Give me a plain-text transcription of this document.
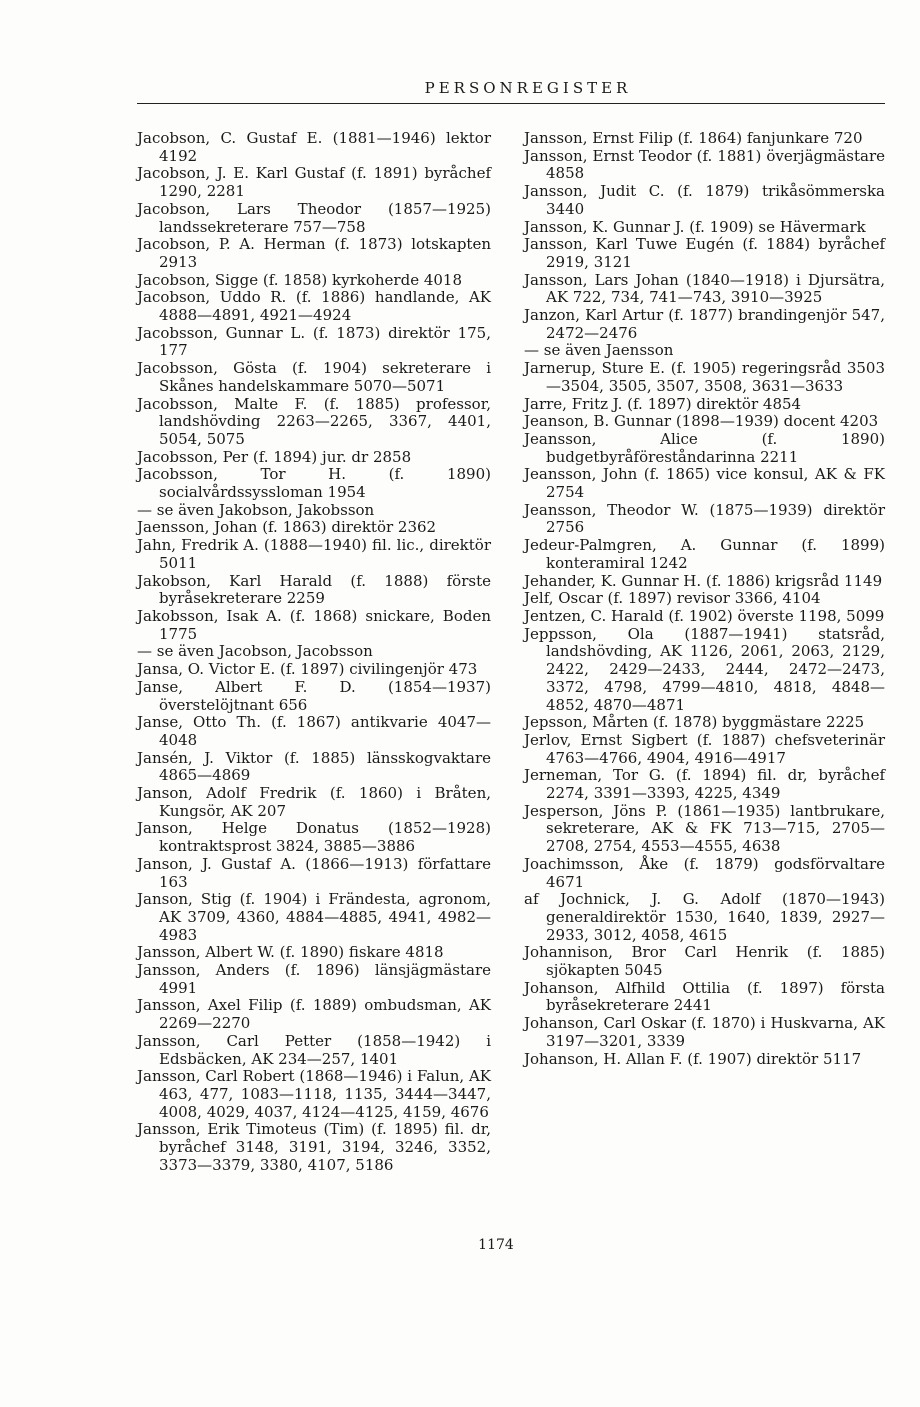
PERSONREGISTER

Jacobson, C. Gustaf E. (1881—1946) lektor 4192

Jacobson, J. E. Karl Gustaf (f. 1891) byråchef 1290, 2281

Jacobson, Lars Theodor (1857—1925) landssekreterare 757—758

Jacobson, P. A. Herman (f. 1873) lotskapten 2913

Jacobson, Sigge (f. 1858) kyrkoherde 4018

Jacobson, Uddo R. (f. 1886) handlande, AK 4888—4891, 4921—4924

Jacobsson, Gunnar L. (f. 1873) direktör 175, 177

Jacobsson, Gösta (f. 1904) sekreterare i Skånes handelskammare 5070—5071

Jacobsson, Malte F. (f. 1885) professor, landshövding 2263—2265, 3367, 4401, 5054, 5075

Jacobsson, Per (f. 1894) jur. dr 2858

Jacobsson, Tor H. (f. 1890) socialvårdssyssloman 1954

— se även Jakobson, Jakobsson

Jaensson, Johan (f. 1863) direktör 2362

Jahn, Fredrik A. (1888—1940) fil. lic., direktör 5011

Jakobson, Karl Harald (f. 1888) förste byråsekreterare 2259

Jakobsson, Isak A. (f. 1868) snickare, Boden 1775

— se även Jacobson, Jacobsson

Jansa, O. Victor E. (f. 1897) civilingenjör 473

Janse, Albert F. D. (1854—1937) överstelöjtnant 656

Janse, Otto Th. (f. 1867) antikvarie 4047—4048

Jansén, J. Viktor (f. 1885) länsskogvaktare 4865—4869

Janson, Adolf Fredrik (f. 1860) i Bråten, Kungsör, AK 207

Janson, Helge Donatus (1852—1928) kontraktsprost 3824, 3885—3886

Janson, J. Gustaf A. (1866—1913) författare 163

Janson, Stig (f. 1904) i Frändesta, agronom, AK 3709, 4360, 4884—4885, 4941, 4982—4983

Jansson, Albert W. (f. 1890) fiskare 4818

Jansson, Anders (f. 1896) länsjägmästare 4991

Jansson, Axel Filip (f. 1889) ombudsman, AK 2269—2270

Jansson, Carl Petter (1858—1942) i Edsbäcken, AK 234—257, 1401

Jansson, Carl Robert (1868—1946) i Falun, AK 463, 477, 1083—1118, 1135, 3444—3447, 4008, 4029, 4037, 4124—4125, 4159, 4676

Jansson, Erik Timoteus (Tim) (f. 1895) fil. dr, byråchef 3148, 3191, 3194, 3246, 3352, 3373—3379, 3380, 4107, 5186

Jansson, Ernst Filip (f. 1864) fanjunkare 720

Jansson, Ernst Teodor (f. 1881) överjägmästare 4858

Jansson, Judit C. (f. 1879) trikåsömmerska 3440

Jansson, K. Gunnar J. (f. 1909) se Hävermark

Jansson, Karl Tuwe Eugén (f. 1884) byråchef 2919, 3121

Jansson, Lars Johan (1840—1918) i Djursätra, AK 722, 734, 741—743, 3910—3925

Janzon, Karl Artur (f. 1877) brandingenjör 547, 2472—2476

— se även Jaensson

Jarnerup, Sture E. (f. 1905) regeringsråd 3503—3504, 3505, 3507, 3508, 3631—3633

Jarre, Fritz J. (f. 1897) direktör 4854

Jeanson, B. Gunnar (1898—1939) docent 4203

Jeansson, Alice (f. 1890) budgetbyråföreståndarinna 2211

Jeansson, John (f. 1865) vice konsul, AK & FK 2754

Jeansson, Theodor W. (1875—1939) direktör 2756

Jedeur-Palmgren, A. Gunnar (f. 1899) konteramiral 1242

Jehander, K. Gunnar H. (f. 1886) krigsråd 1149

Jelf, Oscar (f. 1897) revisor 3366, 4104

Jentzen, C. Harald (f. 1902) överste 1198, 5099

Jeppsson, Ola (1887—1941) statsråd, landshövding, AK 1126, 2061, 2063, 2129, 2422, 2429—2433, 2444, 2472—2473, 3372, 4798, 4799—4810, 4818, 4848—4852, 4870—4871

Jepsson, Mårten (f. 1878) byggmästare 2225

Jerlov, Ernst Sigbert (f. 1887) chefsveterinär 4763—4766, 4904, 4916—4917

Jerneman, Tor G. (f. 1894) fil. dr, byråchef 2274, 3391—3393, 4225, 4349

Jesperson, Jöns P. (1861—1935) lantbrukare, sekreterare, AK & FK 713—715, 2705—2708, 2754, 4553—4555, 4638

Joachimsson, Åke (f. 1879) godsförvaltare 4671

af Jochnick, J. G. Adolf (1870—1943) generaldirektör 1530, 1640, 1839, 2927—2933, 3012, 4058, 4615

Johannison, Bror Carl Henrik (f. 1885) sjökapten 5045

Johanson, Alfhild Ottilia (f. 1897) första byråsekreterare 2441

Johanson, Carl Oskar (f. 1870) i Huskvarna, AK 3197—3201, 3339

Johanson, H. Allan F. (f. 1907) direktör 5117

1174
